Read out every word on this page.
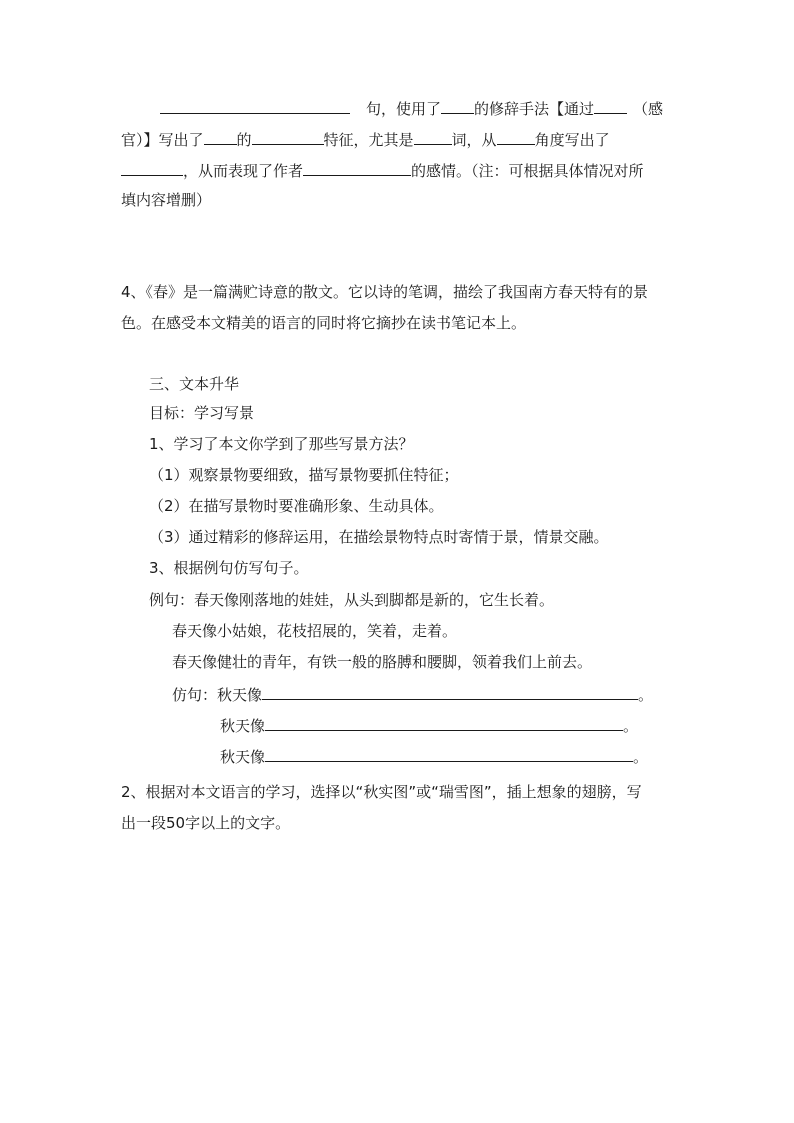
句，使用了 的修辞手法【通过	（感
官）】写出了 的	特征，尤其是	词，从	角度写出了
，从而表现了作者	的感情。（注：可根据具体情况对所
填内容增删）
4、《春》是一篇满贮诗意的散文。它以诗的笔调，描绘了我国南方春天特有的景
色。在感受本文精美的语言的同时将它摘抄在读书笔记本上。
三、文本升华
目标：学习写景
1、学习了本文你学到了那些写景方法？
（1）观察景物要细致，描写景物要抓住特征；
（2）在描写景物时要准确形象、生动具体。
（3）通过精彩的修辞运用，在描绘景物特点时寄情于景，情景交融。
3、根据例句仿写句子。
例句：春天像刚落地的娃娃，从头到脚都是新的，它生长着。
春天像小姑娘，花枝招展的，笑着，走着。
春天像健壮的青年，有铁一般的胳膊和腰脚，领着我们上前去。
仿句：秋天像	。
秋天像	。
秋天像	。
2、根据对本文语言的学习，选择以“秋实图”或“瑞雪图”，插上想象的翅膀，写
出一段50字以上的文字。
